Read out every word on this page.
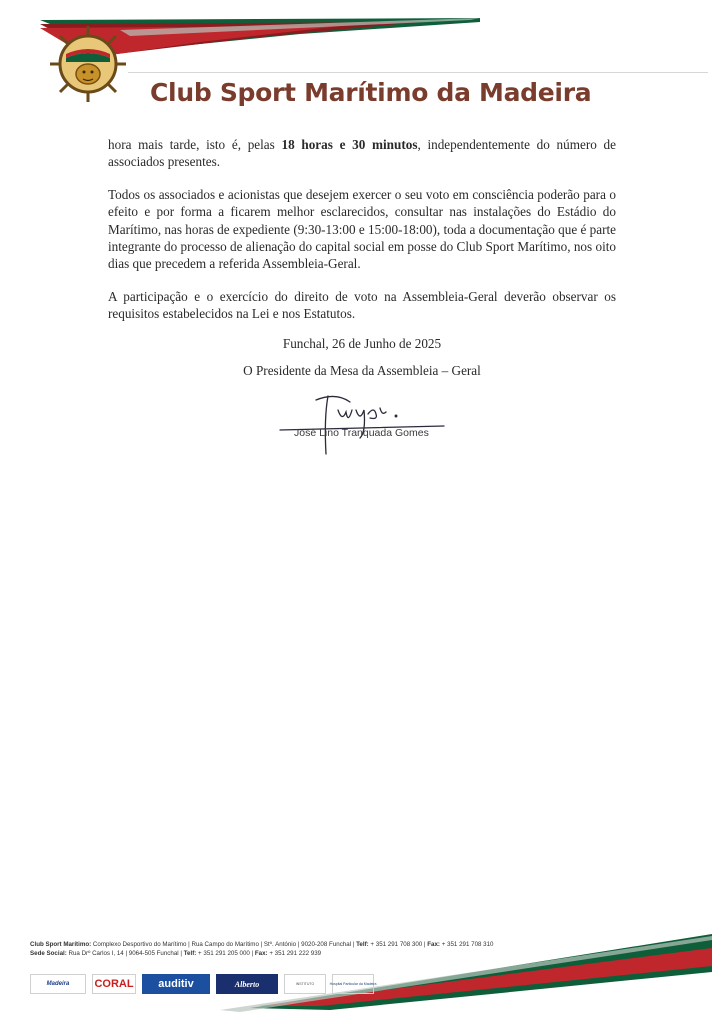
Club Sport Marítimo da Madeira

hora mais tarde, isto é, pelas 18 horas e 30 minutos, independentemente do número de associados presentes.

Todos os associados e acionistas que desejem exercer o seu voto em consciência poderão para o efeito e por forma a ficarem melhor esclarecidos, consultar nas instalações do Estádio do Marítimo, nas horas de expediente (9:30-13:00 e 15:00-18:00), toda a documentação que é parte integrante do processo de alienação do capital social em posse do Club Sport Marítimo, nos oito dias que precedem a referida Assembleia-Geral.

A participação e o exercício do direito de voto na Assembleia-Geral deverão observar os requisitos estabelecidos na Lei e nos Estatutos.

Funchal, 26 de Junho de 2025
O Presidente da Mesa da Assembleia – Geral
José Lino Tranquada Gomes
Club Sport Marítimo: Complexo Desportivo do Marítimo | Rua Campo do Marítimo | Stº. António | 9020-208 Funchal | Telf: + 351 291 708 300 | Fax: + 351 291 708 310
Sede Social: Rua Drº Carlos I, 14 | 9064-505 Funchal | Telf: + 351 291 205 000 | Fax: + 351 291 222 939
Madeira	CORAL	auditiv	Alberto	INSTITUTO	Hospital Particular da Madeira
